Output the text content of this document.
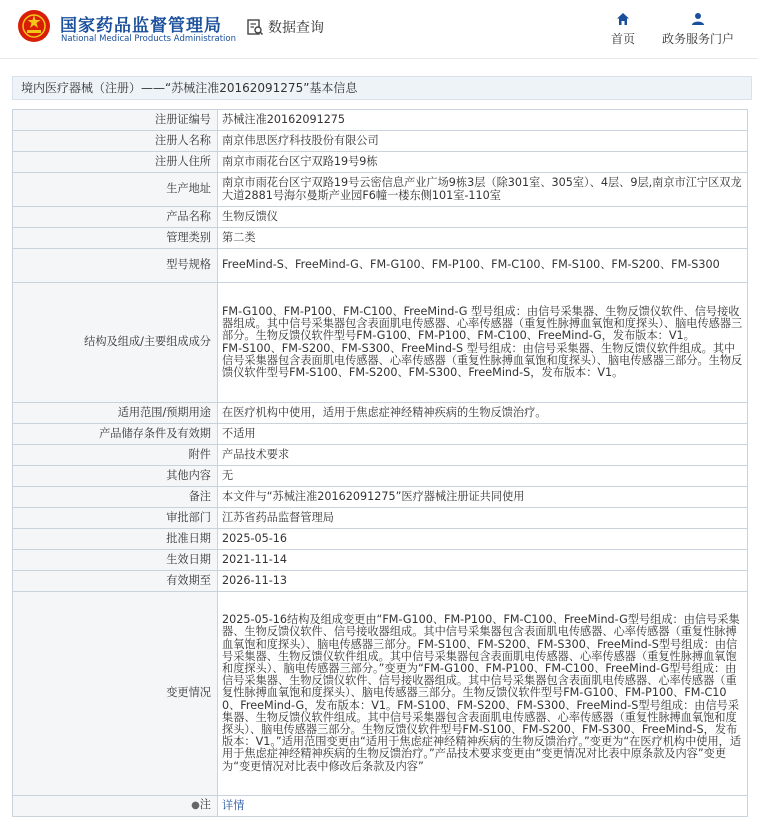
国家药品监督管理局
National Medical Products Administration
数据查询
首页 政务服务门户
境内医疗器械（注册）——“苏械注准20162091275”基本信息
注册证编号	苏械注准20162091275
注册人名称	南京伟思医疗科技股份有限公司
注册人住所	南京市雨花台区宁双路19号9栋
生产地址	南京市雨花台区宁双路19号云密信息产业广场9栋3层（除301室、305室）、4层、9层,南京市江宁区双龙大道2881号海尔曼斯产业园F6幢一楼东侧101室-110室
产品名称	生物反馈仪
管理类别	第二类
型号规格	FreeMind-S、FreeMind-G、FM-G100、FM-P100、FM-C100、FM-S100、FM-S200、FM-S300
结构及组成/主要组成成分	FM-G100、FM-P100、FM-C100、FreeMind-G 型号组成：由信号采集器、生物反馈仪软件、信号接收器组成。其中信号采集器包含表面肌电传感器、心率传感器（重复性脉搏血氧饱和度探头）、脑电传感器三部分。生物反馈仪软件型号FM-G100、FM-P100、FM-C100、FreeMind-G，发布版本：V1。
FM-S100、FM-S200、FM-S300、FreeMind-S 型号组成：由信号采集器、生物反馈仪软件组成。其中信号采集器包含表面肌电传感器、心率传感器（重复性脉搏血氧饱和度探头）、脑电传感器三部分。生物反馈仪软件型号FM-S100、FM-S200、FM-S300、FreeMind-S，发布版本：V1。
适用范围/预期用途	在医疗机构中使用，适用于焦虑症神经精神疾病的生物反馈治疗。
产品储存条件及有效期	不适用
附件	产品技术要求
其他内容	无
备注	本文件与“苏械注准20162091275”医疗器械注册证共同使用
审批部门	江苏省药品监督管理局
批准日期	2025-05-16
生效日期	2021-11-14
有效期至	2026-11-13
变更情况	2025-05-16结构及组成变更由“FM-G100、FM-P100、FM-C100、FreeMind-G型号组成：由信号采集器、生物反馈仪软件、信号接收器组成。其中信号采集器包含表面肌电传感器、心率传感器（重复性脉搏血氧饱和度探头）、脑电传感器三部分。FM-S100、FM-S200、FM-S300、FreeMind-S型号组成：由信号采集器、生物反馈仪软件组成。其中信号采集器包含表面肌电传感器、心率传感器（重复性脉搏血氧饱和度探头）、脑电传感器三部分。”变更为“FM-G100、FM-P100、FM-C100、FreeMind-G型号组成：由信号采集器、生物反馈仪软件、信号接收器组成。其中信号采集器包含表面肌电传感器、心率传感器（重复性脉搏血氧饱和度探头）、脑电传感器三部分。生物反馈仪软件型号FM-G100、FM-P100、FM-C100、FreeMind-G，发布版本：V1。FM-S100、FM-S200、FM-S300、FreeMind-S型号组成：由信号采集器、生物反馈仪软件组成。其中信号采集器包含表面肌电传感器、心率传感器（重复性脉搏血氧饱和度探头）、脑电传感器三部分。生物反馈仪软件型号FM-S100、FM-S200、FM-S300、FreeMind-S，发布版本：V1。”适用范围变更由“适用于焦虑症神经精神疾病的生物反馈治疗。”变更为“在医疗机构中使用，适用于焦虑症神经精神疾病的生物反馈治疗。”产品技术要求变更由“变更情况对比表中原条款及内容”变更为“变更情况对比表中修改后条款及内容”
●注	详情
